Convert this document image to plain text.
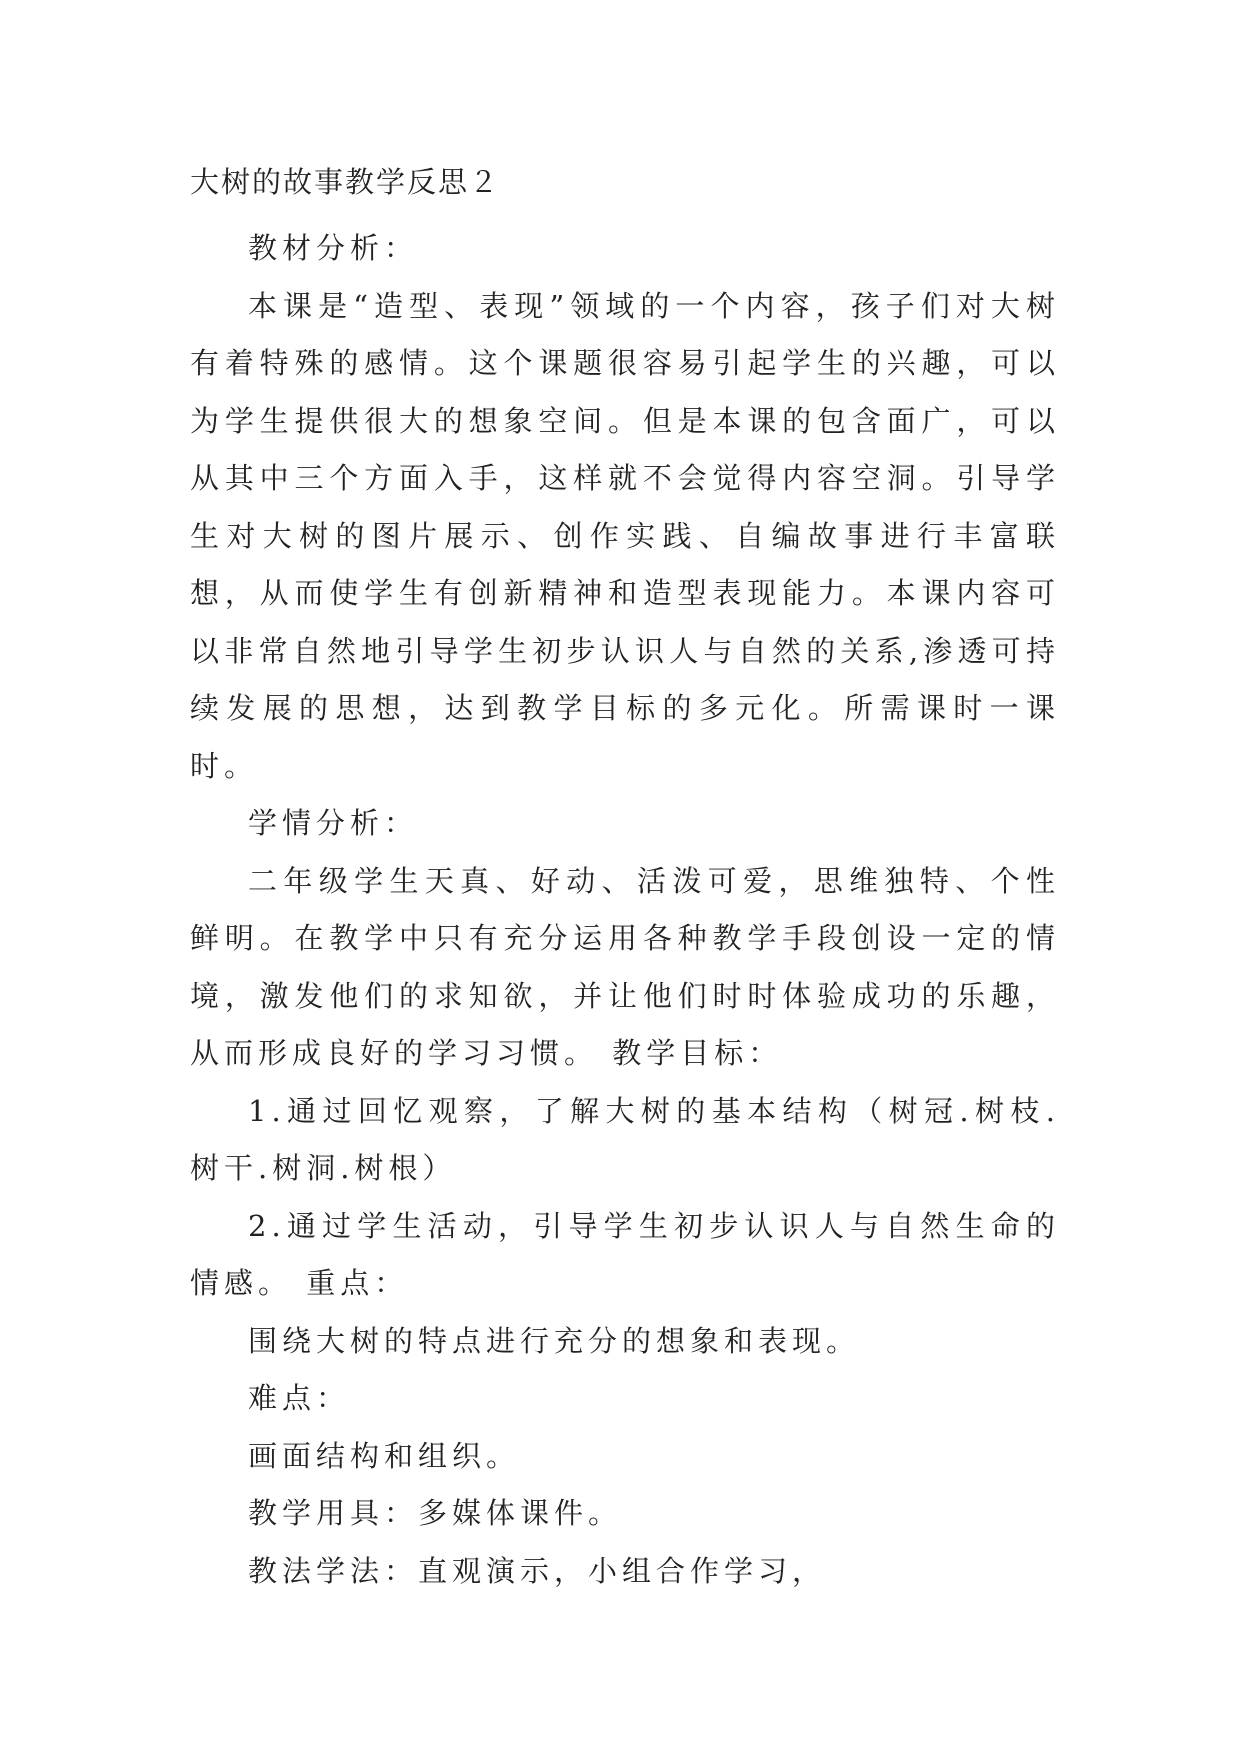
大树的故事教学反思２

教材分析：

本课是“造型、表现”领域的一个内容，孩子们对大树有着特殊的感情。这个课题很容易引起学生的兴趣，可以为学生提供很大的想象空间。但是本课的包含面广，可以从其中三个方面入手，这样就不会觉得内容空洞。引导学生对大树的图片展示、创作实践、自编故事进行丰富联想，从而使学生有创新精神和造型表现能力。本课内容可以非常自然地引导学生初步认识人与自然的关系,渗透可持续发展的思想，达到教学目标的多元化。所需课时一课时。

学情分析：

二年级学生天真、好动、活泼可爱，思维独特、个性鲜明。在教学中只有充分运用各种教学手段创设一定的情境，激发他们的求知欲，并让他们时时体验成功的乐趣，从而形成良好的学习习惯。 教学目标：

1.通过回忆观察，了解大树的基本结构（树冠.树枝.树干.树洞.树根）

2.通过学生活动，引导学生初步认识人与自然生命的情感。 重点：

围绕大树的特点进行充分的想象和表现。

难点：

画面结构和组织。

教学用具：多媒体课件。

教法学法：直观演示，小组合作学习，
